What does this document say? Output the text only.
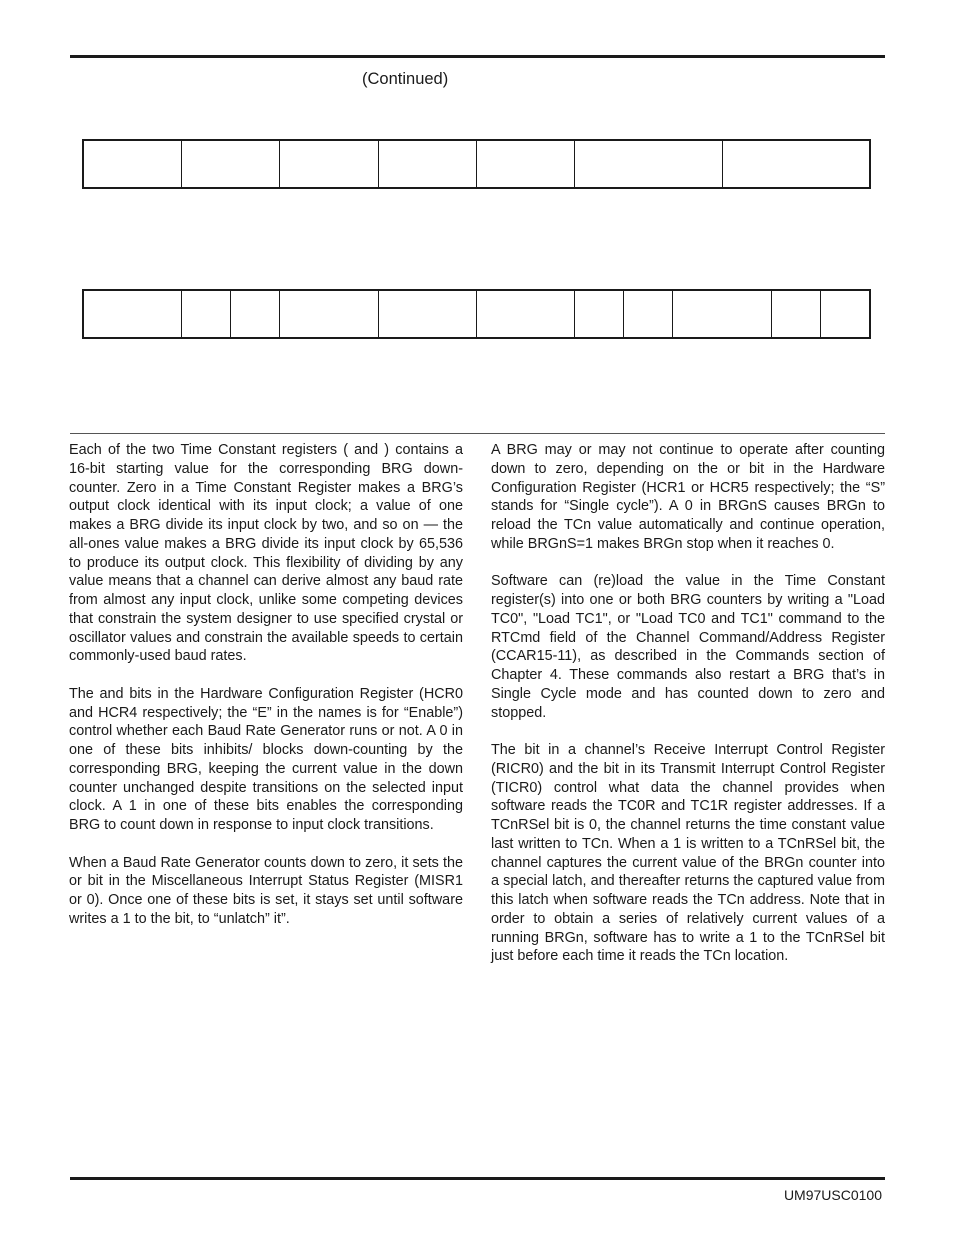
(Continued)

Each of the two Time Constant registers ( and ) contains a 16-bit starting value for the corresponding BRG down-counter. Zero in a Time Constant Register makes a BRG’s output clock identical with its input clock; a value of one makes a BRG divide its input clock by two, and so on — the all-ones value makes a BRG divide its input clock by 65,536 to produce its output clock. This flexibility of dividing by any value means that a channel can derive almost any baud rate from almost any input clock, unlike some competing devices that constrain the system designer to use specified crystal or oscillator values and constrain the available speeds to certain commonly-used baud rates.

The and bits in the Hardware Configuration Register (HCR0 and HCR4 respectively; the “E” in the names is for “Enable”) control whether each Baud Rate Generator runs or not. A 0 in one of these bits inhibits/ blocks down-counting by the corresponding BRG, keeping the current value in the down counter unchanged despite transitions on the selected input clock. A 1 in one of these bits enables the corresponding BRG to count down in response to input clock transitions.

When a Baud Rate Generator counts down to zero, it sets the or bit in the Miscellaneous Interrupt Status Register (MISR1 or 0). Once one of these bits is set, it stays set until software writes a 1 to the bit, to “unlatch” it”.

A BRG may or may not continue to operate after counting down to zero, depending on the or bit in the Hardware Configuration Register (HCR1 or HCR5 respectively; the “S” stands for “Single cycle”). A 0 in BRGnS causes BRGn to reload the TCn value automatically and continue operation, while BRGnS=1 makes BRGn stop when it reaches 0.

Software can (re)load the value in the Time Constant register(s) into one or both BRG counters by writing a "Load TC0", "Load TC1", or "Load TC0 and TC1" command to the RTCmd field of the Channel Command/Address Register (CCAR15-11), as described in the Commands section of Chapter 4. These commands also restart a BRG that’s in Single Cycle mode and has counted down to zero and stopped.

The bit in a channel’s Receive Interrupt Control Register (RICR0) and the bit in its Transmit Interrupt Control Register (TICR0) control what data the channel provides when software reads the TC0R and TC1R register addresses. If a TCnRSel bit is 0, the channel returns the time constant value last written to TCn. When a 1 is written to a TCnRSel bit, the channel captures the current value of the BRGn counter into a special latch, and thereafter returns the captured value from this latch when software reads the TCn address. Note that in order to obtain a series of relatively current values of a running BRGn, software has to write a 1 to the TCnRSel bit just before each time it reads the TCn location.

UM97USC0100
